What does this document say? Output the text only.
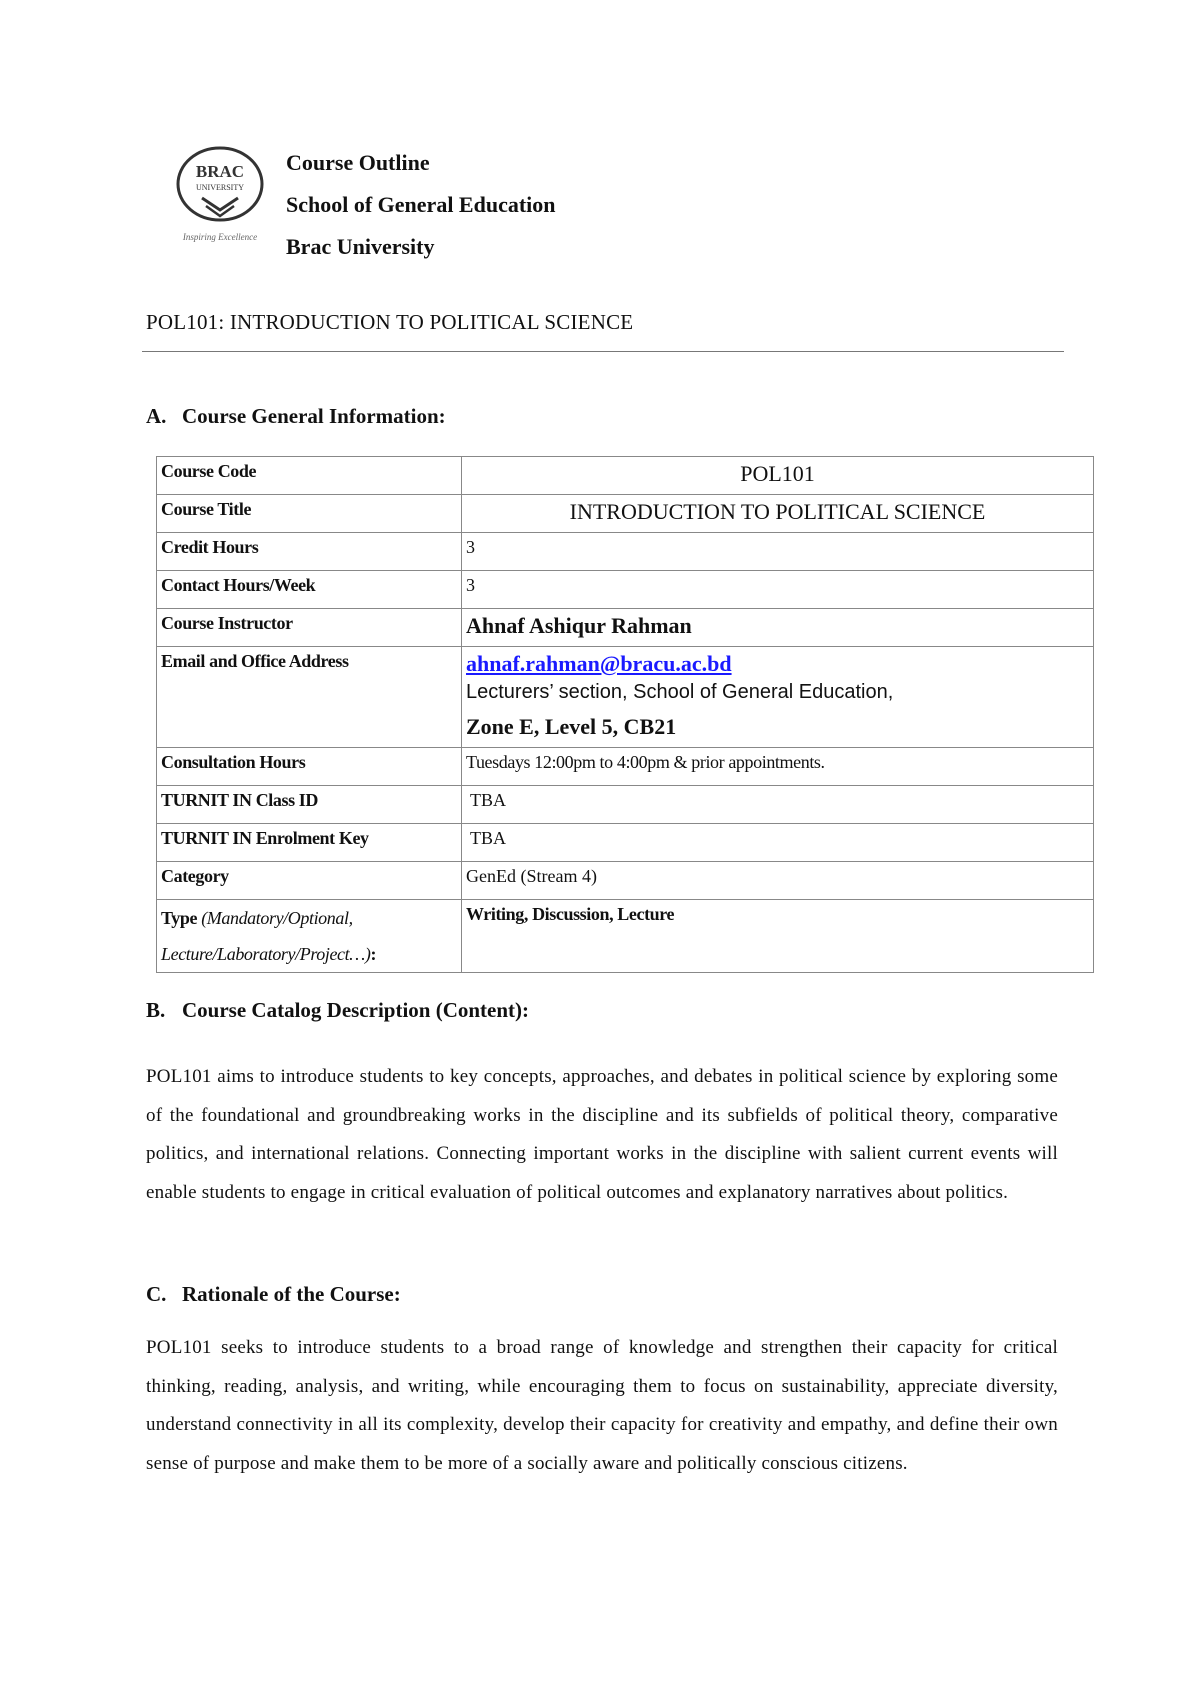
BRAC
UNIVERSITY
Inspiring Excellence
Course Outline
School of General Education
Brac University
POL101: INTRODUCTION TO POLITICAL SCIENCE
A. Course General Information:
Course Code	POL101
Course Title	INTRODUCTION TO POLITICAL SCIENCE
Credit Hours	3
Contact Hours/Week	3
Course Instructor	Ahnaf Ashiqur Rahman
Email and Office Address	ahnaf.rahman@bracu.ac.bd
Lecturers’ section, School of General Education,
Zone E, Level 5, CB21

Consultation Hours	Tuesdays 12:00pm to 4:00pm & prior appointments.
TURNIT IN Class ID	TBA
TURNIT IN Enrolment Key	TBA
Category	GenEd (Stream 4)
Type (Mandatory/Optional, Lecture/Laboratory/Project…):	Writing, Discussion, Lecture
B. Course Catalog Description (Content):
POL101 aims to introduce students to key concepts, approaches, and debates in political science by exploring some of the foundational and groundbreaking works in the discipline and its subfields of political theory, comparative politics, and international relations. Connecting important works in the discipline with salient current events will enable students to engage in critical evaluation of political outcomes and explanatory narratives about politics.
C. Rationale of the Course:
POL101 seeks to introduce students to a broad range of knowledge and strengthen their capacity for critical thinking, reading, analysis, and writing, while encouraging them to focus on sustainability, appreciate diversity, understand connectivity in all its complexity, develop their capacity for creativity and empathy, and define their own sense of purpose and make them to be more of a socially aware and politically conscious citizens.
